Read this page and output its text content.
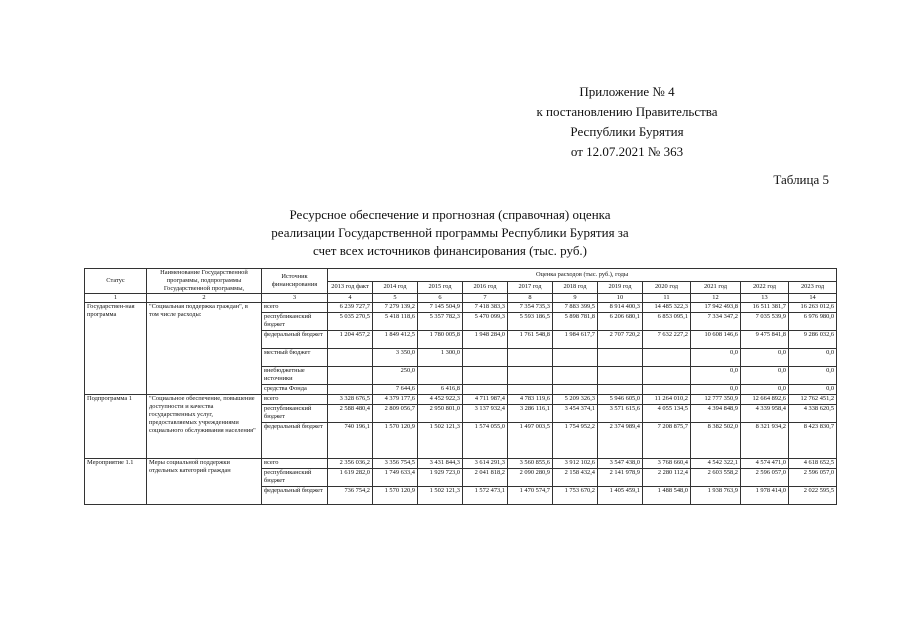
Приложение № 4
к постановлению Правительства
Республики Бурятия
от 12.07.2021 № 363
Таблица 5
Ресурсное обеспечение и прогнозная (справочная) оценка
реализации Государственной программы Республики Бурятия за
счет всех источников финансирования (тыс. руб.)
Статус	Наименование Государственной программы, подпрограммы Государственной программы,	Источник финансирования	Оценка расходов (тыс. руб.), годы										
			2013 год факт	2014 год	2015 год	2016 год	2017 год	2018 год	2019 год	2020 год	2021 год	2022 год	2023 год
1	2	3	4	5	6	7	8	9	10	11	12	13	14
Государствен-ная программа	"Социальная поддержка граждан", в том числе расходы:	всего	6 239 727,7	7 279 139,2	7 145 504,9	7 418 383,3	7 354 735,3	7 883 399,5	8 914 400,3	14 485 322,3	17 942 493,8	16 511 381,7	16 263 012,6
		республиканский бюджет	5 035 270,5	5 418 118,6	5 357 782,3	5 470 099,3	5 593 186,5	5 898 781,8	6 206 680,1	6 853 095,1	7 334 347,2	7 035 539,9	6 976 980,0
		федеральный бюджет	1 204 457,2	1 849 412,5	1 780 005,8	1 948 284,0	1 761 548,8	1 984 617,7	2 707 720,2	7 632 227,2	10 608 146,6	9 475 841,8	9 286 032,6
		местный бюджет		3 350,0	1 300,0						0,0	0,0	0,0
		внебюджетные источники		250,0							0,0	0,0	0,0
		средства Фонда		7 644,6	6 416,8						0,0	0,0	0,0
Подпрограмма 1	"Социальное обеспечение, повышение доступности и качества государственных услуг, предоставляемых учреждениями социального обслуживания населения"	всего	3 328 676,5	4 379 177,6	4 452 922,3	4 711 987,4	4 783 119,6	5 209 326,3	5 946 605,0	11 264 010,2	12 777 350,9	12 664 892,6	12 762 451,2
		республиканский бюджет	2 588 480,4	2 809 056,7	2 950 801,0	3 137 932,4	3 286 116,1	3 454 374,1	3 571 615,6	4 055 134,5	4 394 848,9	4 339 958,4	4 338 620,5
		федеральный бюджет	740 196,1	1 570 120,9	1 502 121,3	1 574 055,0	1 497 003,5	1 754 952,2	2 374 989,4	7 208 875,7	8 382 502,0	8 321 934,2	8 423 830,7
Мероприятие 1.1	Меры социальной поддержки отдельных категорий граждан	всего	2 356 036,2	3 356 754,5	3 431 844,3	3 614 291,3	3 560 855,6	3 912 102,6	3 547 438,0	3 768 660,4	4 542 322,1	4 574 471,0	4 618 652,5
		республиканский бюджет	1 619 282,0	1 749 633,4	1 929 723,0	2 041 818,2	2 090 280,9	2 158 432,4	2 141 978,9	2 280 112,4	2 603 558,2	2 596 057,0	2 596 057,0
		федеральный бюджет	736 754,2	1 570 120,9	1 502 121,3	1 572 473,1	1 470 574,7	1 753 670,2	1 405 459,1	1 488 548,0	1 938 763,9	1 978 414,0	2 022 595,5
